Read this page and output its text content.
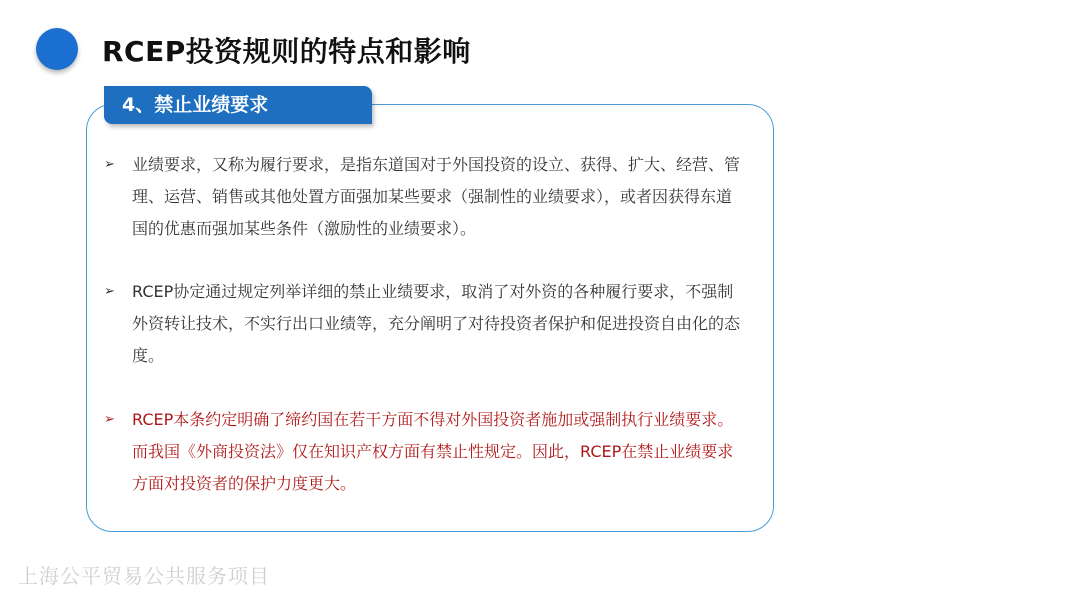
RCEP投资规则的特点和影响
4、禁止业绩要求
➢	业绩要求，又称为履行要求，是指东道国对于外国投资的设立、获得、扩大、经营、管理、运营、销售或其他处置方面强加某些要求（强制性的业绩要求），或者因获得东道国的优惠而强加某些条件（激励性的业绩要求）。
➢	RCEP协定通过规定列举详细的禁止业绩要求，取消了对外资的各种履行要求，不强制外资转让技术，不实行出口业绩等，充分阐明了对待投资者保护和促进投资自由化的态度。
➢	RCEP本条约定明确了缔约国在若干方面不得对外国投资者施加或强制执行业绩要求。而我国《外商投资法》仅在知识产权方面有禁止性规定。因此，RCEP在禁止业绩要求方面对投资者的保护力度更大。
上海公平贸易公共服务项目
